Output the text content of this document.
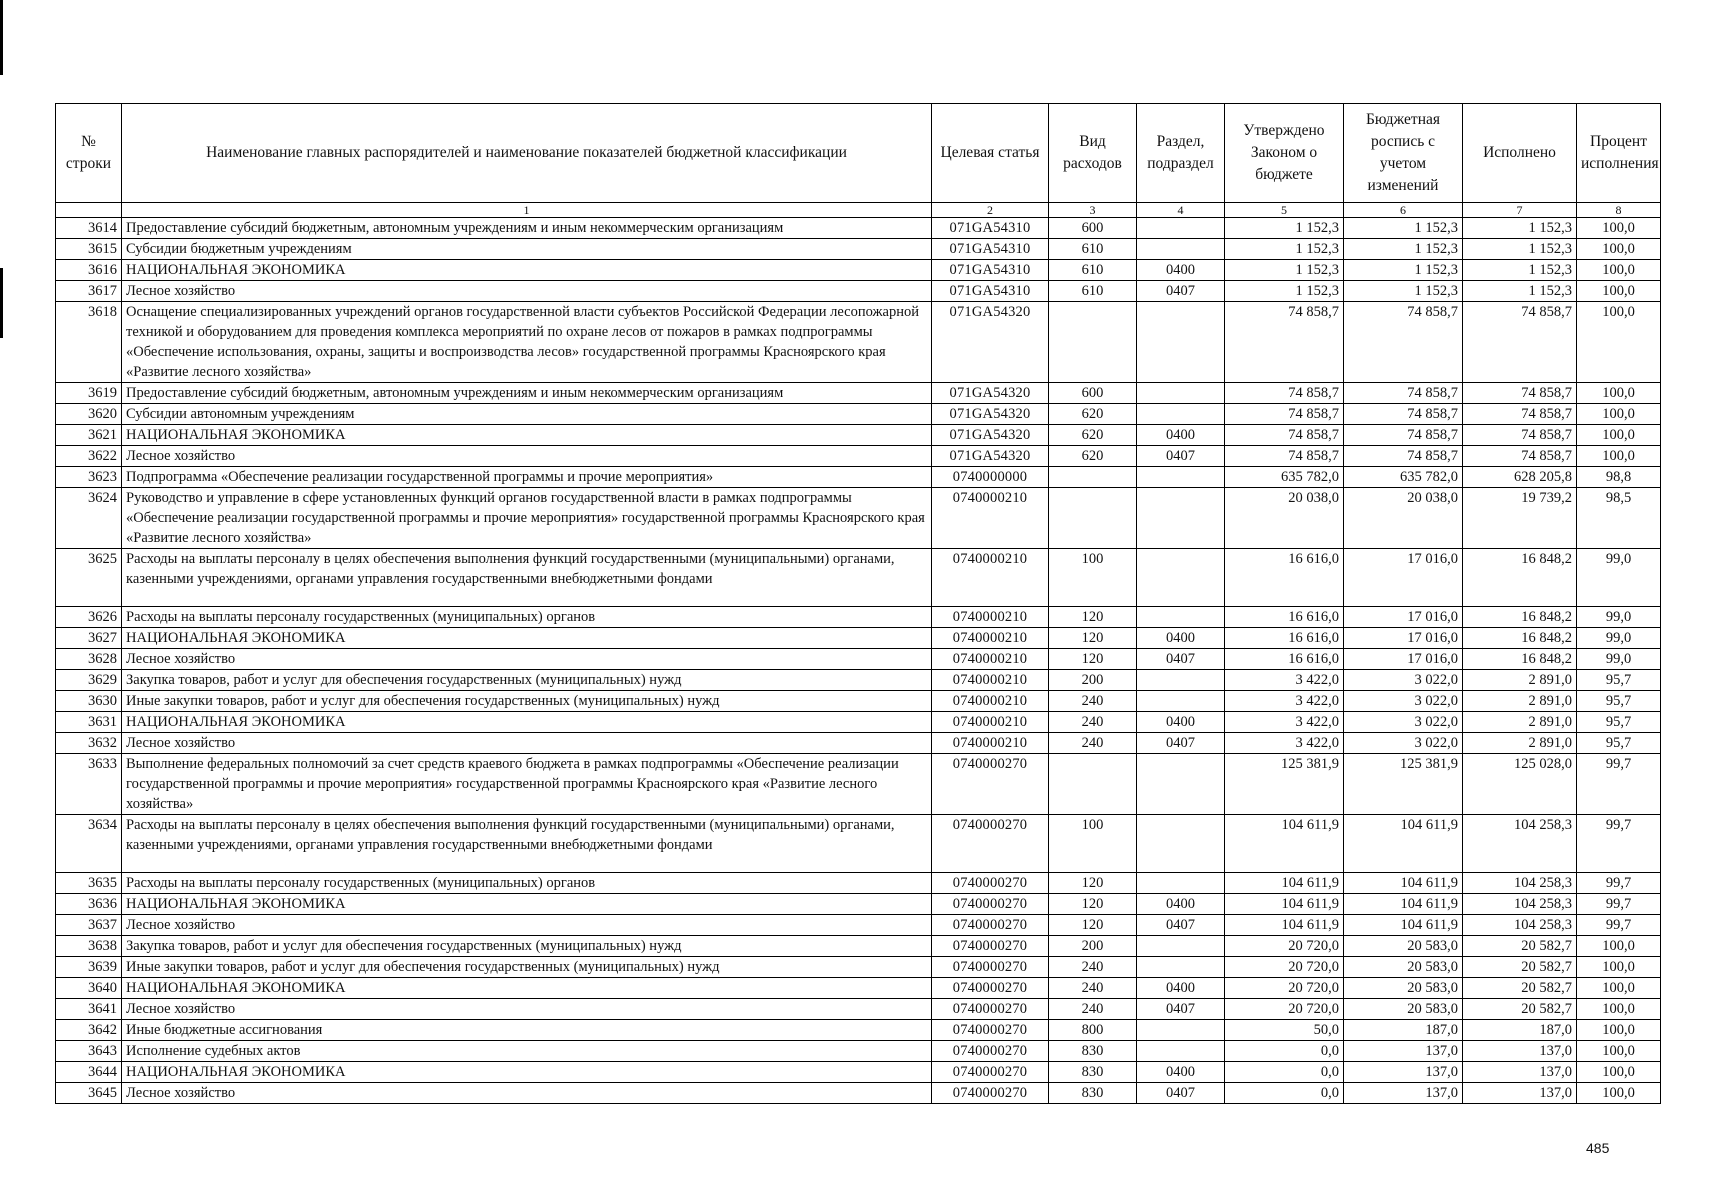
№ строки	Наименование главных распорядителей и наименование показателей бюджетной классификации	Целевая статья	Вид расходов	Раздел, подраздел	Утверждено Законом о бюджете	Бюджетная роспись с учетом изменений	Исполнено	Процент исполнения
	1	2	3	4	5	6	7	8
3614	Предоставление субсидий бюджетным, автономным учреждениям и иным некоммерческим организациям	071GA54310	600		1 152,3	1 152,3	1 152,3	100,0
3615	Субсидии бюджетным учреждениям	071GA54310	610		1 152,3	1 152,3	1 152,3	100,0
3616	НАЦИОНАЛЬНАЯ ЭКОНОМИКА	071GA54310	610	0400	1 152,3	1 152,3	1 152,3	100,0
3617	Лесное хозяйство	071GA54310	610	0407	1 152,3	1 152,3	1 152,3	100,0
3618	Оснащение специализированных учреждений органов государственной власти субъектов Российской Федерации лесопожарной техникой и оборудованием для проведения комплекса мероприятий по охране лесов от пожаров в рамках подпрограммы «Обеспечение использования, охраны, защиты и воспроизводства лесов» государственной программы Красноярского края «Развитие лесного хозяйства»	071GA54320			74 858,7	74 858,7	74 858,7	100,0
3619	Предоставление субсидий бюджетным, автономным учреждениям и иным некоммерческим организациям	071GA54320	600		74 858,7	74 858,7	74 858,7	100,0
3620	Субсидии автономным учреждениям	071GA54320	620		74 858,7	74 858,7	74 858,7	100,0
3621	НАЦИОНАЛЬНАЯ ЭКОНОМИКА	071GA54320	620	0400	74 858,7	74 858,7	74 858,7	100,0
3622	Лесное хозяйство	071GA54320	620	0407	74 858,7	74 858,7	74 858,7	100,0
3623	Подпрограмма «Обеспечение реализации государственной программы и прочие мероприятия»	0740000000			635 782,0	635 782,0	628 205,8	98,8
3624	Руководство и управление в сфере установленных функций органов государственной власти в рамках подпрограммы «Обеспечение реализации государственной программы и прочие мероприятия» государственной программы Красноярского края «Развитие лесного хозяйства»	0740000210			20 038,0	20 038,0	19 739,2	98,5
3625	Расходы на выплаты персоналу в целях обеспечения выполнения функций государственными (муниципальными) органами, казенными учреждениями, органами управления государственными внебюджетными фондами	0740000210	100		16 616,0	17 016,0	16 848,2	99,0
3626	Расходы на выплаты персоналу государственных (муниципальных) органов	0740000210	120		16 616,0	17 016,0	16 848,2	99,0
3627	НАЦИОНАЛЬНАЯ ЭКОНОМИКА	0740000210	120	0400	16 616,0	17 016,0	16 848,2	99,0
3628	Лесное хозяйство	0740000210	120	0407	16 616,0	17 016,0	16 848,2	99,0
3629	Закупка товаров, работ и услуг для обеспечения государственных (муниципальных) нужд	0740000210	200		3 422,0	3 022,0	2 891,0	95,7
3630	Иные закупки товаров, работ и услуг для обеспечения государственных (муниципальных) нужд	0740000210	240		3 422,0	3 022,0	2 891,0	95,7
3631	НАЦИОНАЛЬНАЯ ЭКОНОМИКА	0740000210	240	0400	3 422,0	3 022,0	2 891,0	95,7
3632	Лесное хозяйство	0740000210	240	0407	3 422,0	3 022,0	2 891,0	95,7
3633	Выполнение федеральных полномочий за счет средств краевого бюджета в рамках подпрограммы «Обеспечение реализации государственной программы и прочие мероприятия» государственной программы Красноярского края «Развитие лесного хозяйства»	0740000270			125 381,9	125 381,9	125 028,0	99,7
3634	Расходы на выплаты персоналу в целях обеспечения выполнения функций государственными (муниципальными) органами, казенными учреждениями, органами управления государственными внебюджетными фондами	0740000270	100		104 611,9	104 611,9	104 258,3	99,7
3635	Расходы на выплаты персоналу государственных (муниципальных) органов	0740000270	120		104 611,9	104 611,9	104 258,3	99,7
3636	НАЦИОНАЛЬНАЯ ЭКОНОМИКА	0740000270	120	0400	104 611,9	104 611,9	104 258,3	99,7
3637	Лесное хозяйство	0740000270	120	0407	104 611,9	104 611,9	104 258,3	99,7
3638	Закупка товаров, работ и услуг для обеспечения государственных (муниципальных) нужд	0740000270	200		20 720,0	20 583,0	20 582,7	100,0
3639	Иные закупки товаров, работ и услуг для обеспечения государственных (муниципальных) нужд	0740000270	240		20 720,0	20 583,0	20 582,7	100,0
3640	НАЦИОНАЛЬНАЯ ЭКОНОМИКА	0740000270	240	0400	20 720,0	20 583,0	20 582,7	100,0
3641	Лесное хозяйство	0740000270	240	0407	20 720,0	20 583,0	20 582,7	100,0
3642	Иные бюджетные ассигнования	0740000270	800		50,0	187,0	187,0	100,0
3643	Исполнение судебных актов	0740000270	830		0,0	137,0	137,0	100,0
3644	НАЦИОНАЛЬНАЯ ЭКОНОМИКА	0740000270	830	0400	0,0	137,0	137,0	100,0
3645	Лесное хозяйство	0740000270	830	0407	0,0	137,0	137,0	100,0
485
